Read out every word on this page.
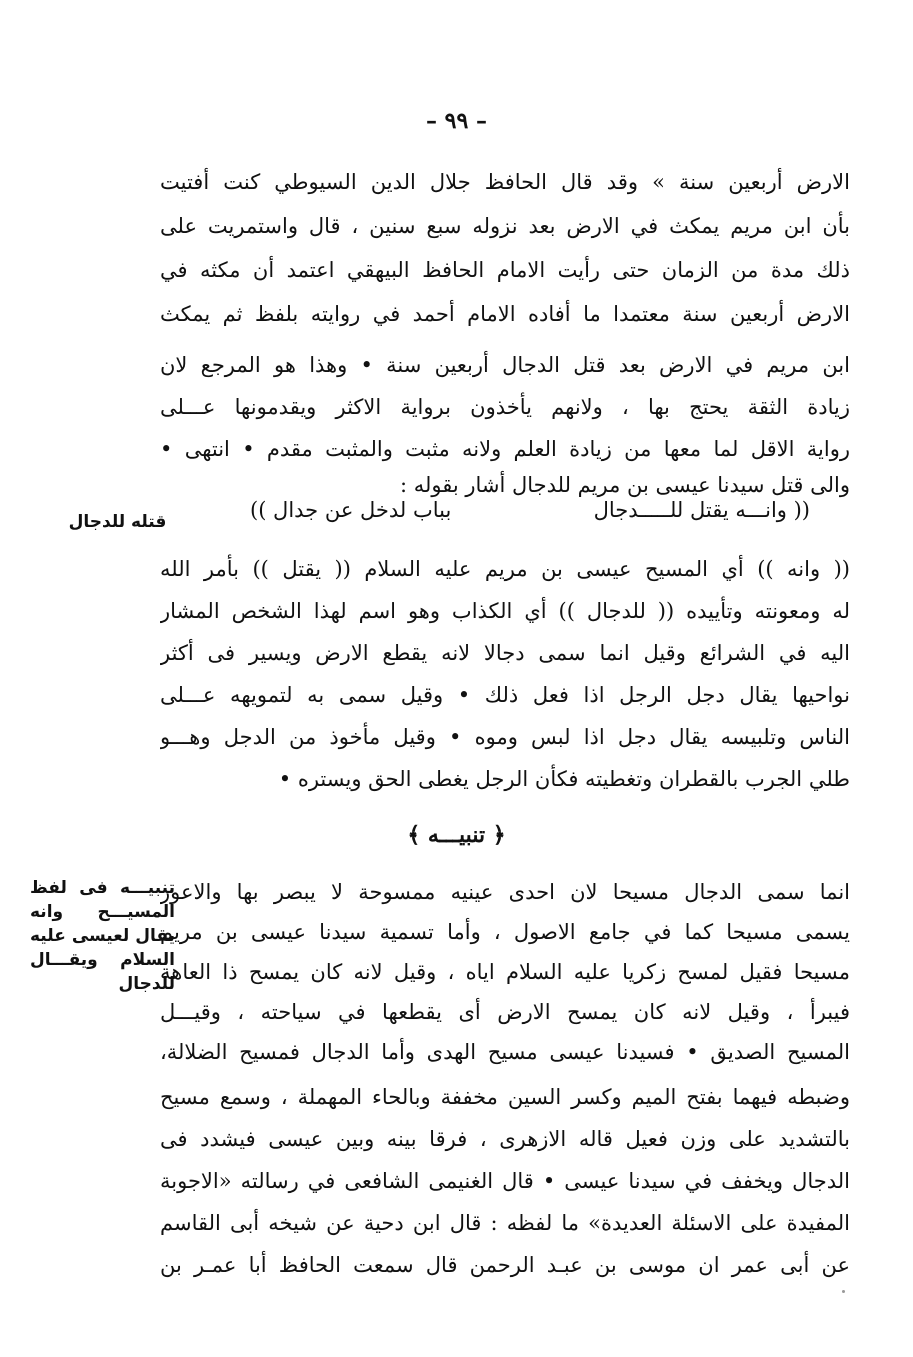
– ٩٩ –
الارض أربعين سنة » وقد قال الحافظ جلال الدين السيوطي كنت أفتيت
بأن ابن مريم يمكث في الارض بعد نزوله سبع سنين ، قال واستمريت على
ذلك مدة من الزمان حتى رأيت الامام الحافظ البيهقي اعتمد أن مكثه في
الارض أربعين سنة معتمدا ما أفاده الامام أحمد في روايته بلفظ ثم يمكث
ابن مريم في الارض بعد قتل الدجال أربعين سنة • وهذا هو المرجع لان
زيادة الثقة يحتج بها ، ولانهم يأخذون برواية الاكثر ويقدمونها عـــلى
رواية الاقل لما معها من زيادة العلم ولانه مثبت والمثبت مقدم • انتهى •
والى قتل سيدنا عيسى بن مريم للدجال أشار بقوله :
(( وانـــه يقتل للـــــدجال
بباب لدخل عن جدال ))
قتله للدجال
(( وانه )) أي المسيح عيسى بن مريم عليه السلام (( يقتل )) بأمر الله
له ومعونته وتأييده (( للدجال )) أي الكذاب وهو اسم لهذا الشخص المشار
اليه في الشرائع وقيل انما سمى دجالا لانه يقطع الارض ويسير فى أكثر
نواحيها يقال دجل الرجل اذا فعل ذلك • وقيل سمى به لتمويهه عـــلى
الناس وتلبيسه يقال دجل اذا لبس وموه • وقيل مأخوذ من الدجل وهـــو
طلي الجرب بالقطران وتغطيته فكأن الرجل يغطى الحق ويستره •
﴿ تنبيـــه ﴾
تنبيـــه فى لفظ
المسيـــح وانه
يقال لعيسى عليه
السلام ويقـــال
للدجال
انما سمى الدجال مسيحا لان احدى عينيه ممسوحة لا يبصر بها والاعور
يسمى مسيحا كما في جامع الاصول ، وأما تسمية سيدنا عيسى بن مريم
مسيحا فقيل لمسح زكريا عليه السلام اياه ، وقيل لانه كان يمسح ذا العاهة
فيبرأ ، وقيل لانه كان يمسح الارض أى يقطعها في سياحته ، وقيـــل
المسيح الصديق • فسيدنا عيسى مسيح الهدى وأما الدجال فمسيح الضلالة،
وضبطه فيهما بفتح الميم وكسر السين مخففة وبالحاء المهملة ، وسمع مسيح
بالتشديد على وزن فعيل قاله الازهرى ، فرقا بينه وبين عيسى فيشدد فى
الدجال ويخفف في سيدنا عيسى • قال الغنيمى الشافعى في رسالته «الاجوبة
المفيدة على الاسئلة العديدة» ما لفظه : قال ابن دحية عن شيخه أبى القاسم
عن أبى عمر ان موسى بن عبـد الرحمن قال سمعت الحافظ أبا عمـر بن
